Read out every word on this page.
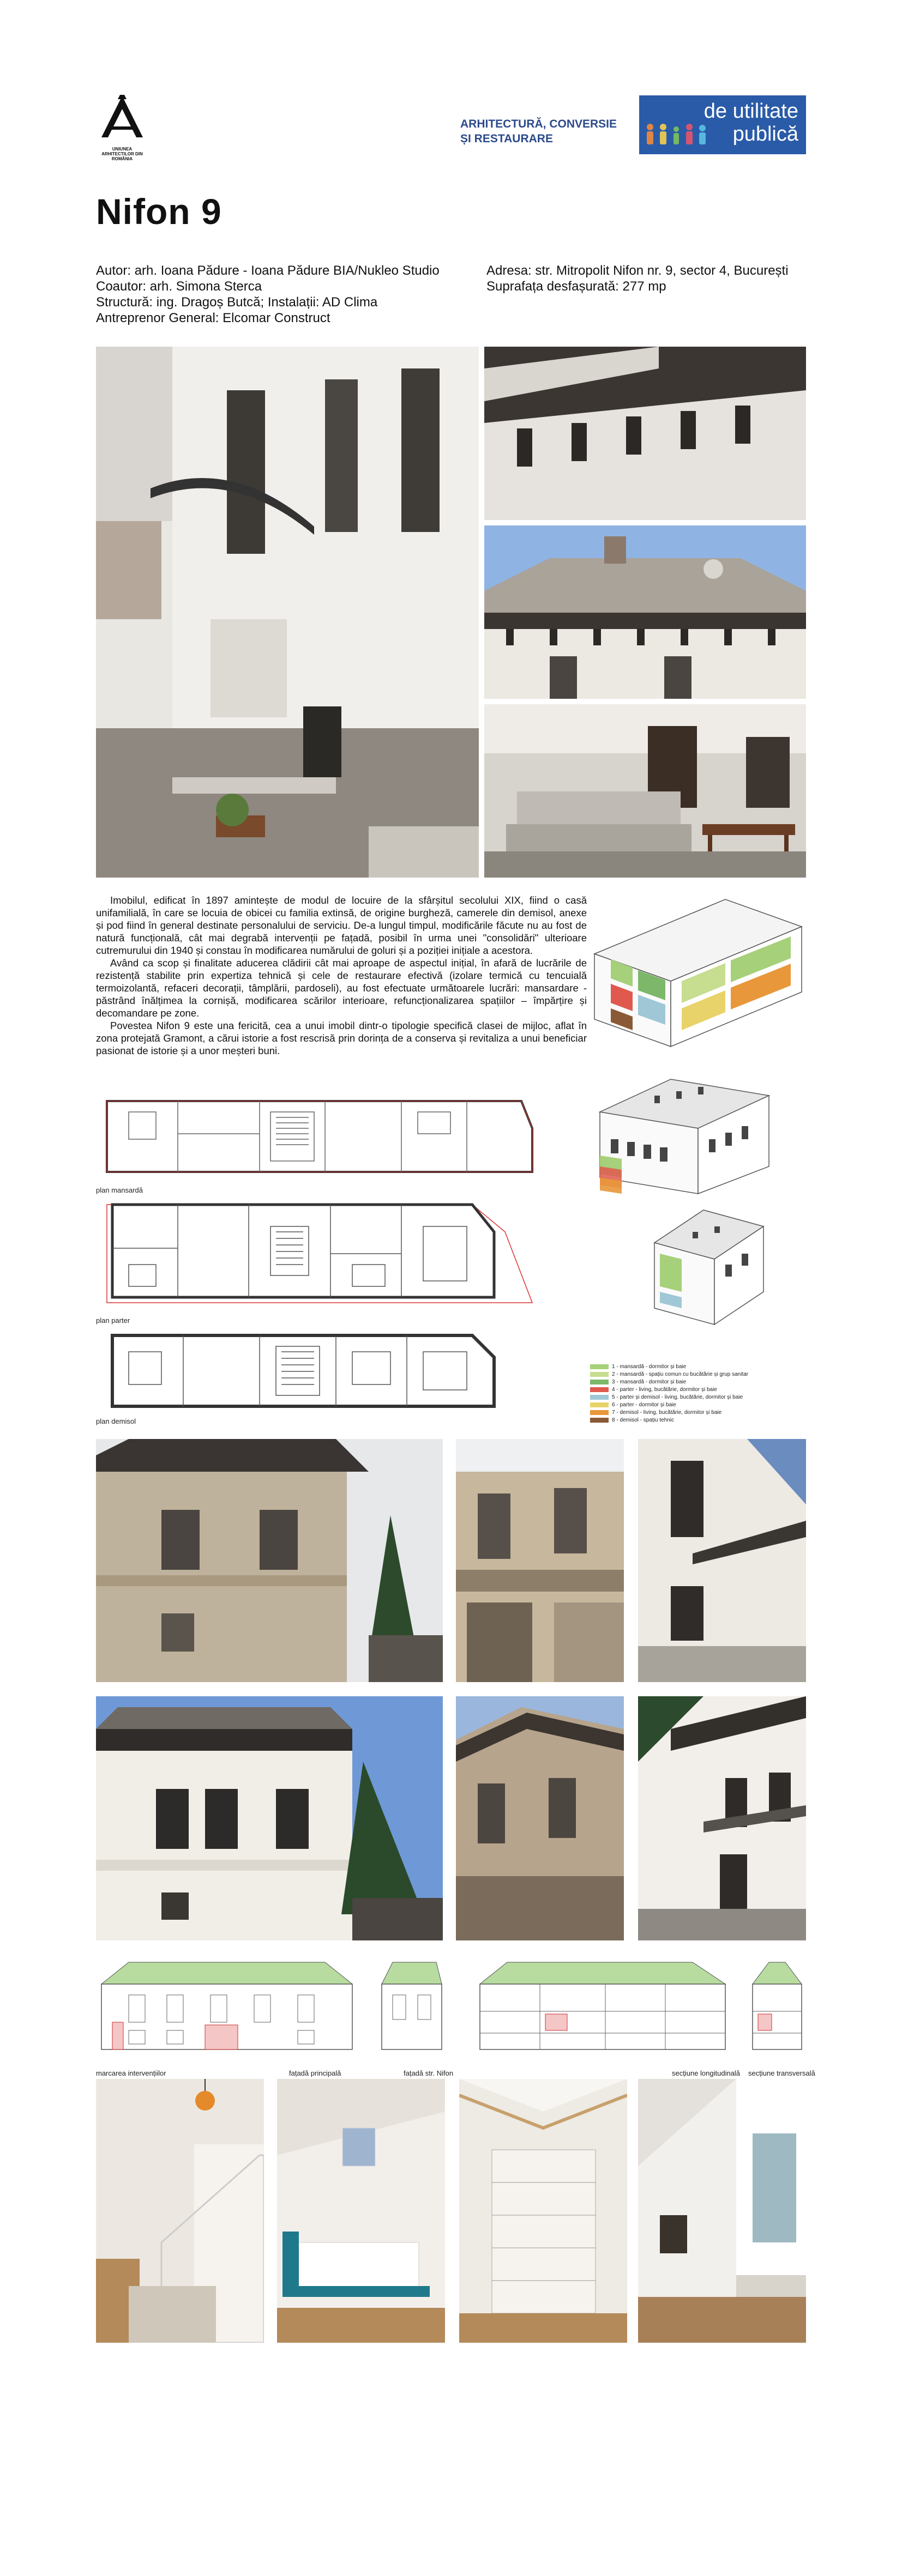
UNIUNEA ARHITECTILOR DIN ROMÂNIA
ARHITECTURĂ, CONVERSIE
ȘI RESTAURARE
de utilitate
publică
Nifon 9
Autor: arh. Ioana Pădure - Ioana Pădure BIA/Nukleo Studio
Coautor: arh. Simona Sterca
Structură: ing. Dragoș Butcă; Instalații: AD Clima
Antreprenor General: Elcomar Construct
Adresa: str. Mitropolit Nifon nr. 9, sector 4, București
Suprafața desfașurată: 277 mp

Imobilul, edificat în 1897 amintește de modul de locuire de la sfârșitul secolului XIX, fiind o casă unifamilială, în care se locuia de obicei cu familia extinsă, de origine burgheză, camerele din demisol, anexe și pod fiind în general destinate personalului de serviciu. De-a lungul timpul, modificările făcute nu au fost de natură funcțională, cât mai degrabă intervenții pe fațadă, posibil în urma unei "consolidări" ulterioare cutremurului din 1940 și constau în modificarea numărului de goluri și a poziției inițiale a acestora.

Având ca scop și finalitate aducerea clădirii cât mai aproape de aspectul inițial, în afară de lucrările de rezistență stabilite prin expertiza tehnică și cele de restaurare efectivă (izolare termică cu tencuială termoizolantă, refaceri decorații, tâmplării, pardoseli), au fost efectuate următoarele lucrări: mansardare - păstrând înălțimea la cornișă, modificarea scărilor interioare, refuncționalizarea spațiilor – împărțire și decomandare pe zone.

Povestea Nifon 9 este una fericită, cea a unui imobil dintr-o tipologie specifică clasei de mijloc, aflat în zona protejată Gramont, a cărui istorie a fost rescrisă prin dorința de a conserva și revitaliza a unui beneficiar pasionat de istorie și a unor meșteri buni.

1 - mansardă - dormitor și baie
2 - mansardă - spațiu comun cu bucătărie și grup sanitar
3 - mansardă - dormitor și baie
4 - parter - living, bucătărie, dormitor și baie
5 - parter și demisol - living, bucătărie, dormitor și baie
6 - parter - dormitor și baie
7 - demisol - living, bucătărie, dormitor și baie
8 - demisol - spațiu tehnic
plan mansardă
plan parter
plan demisol
marcarea intervențiilor	fațadă principală	fațadă str. Nifon	secțiune longitudinală secțiune transversală
